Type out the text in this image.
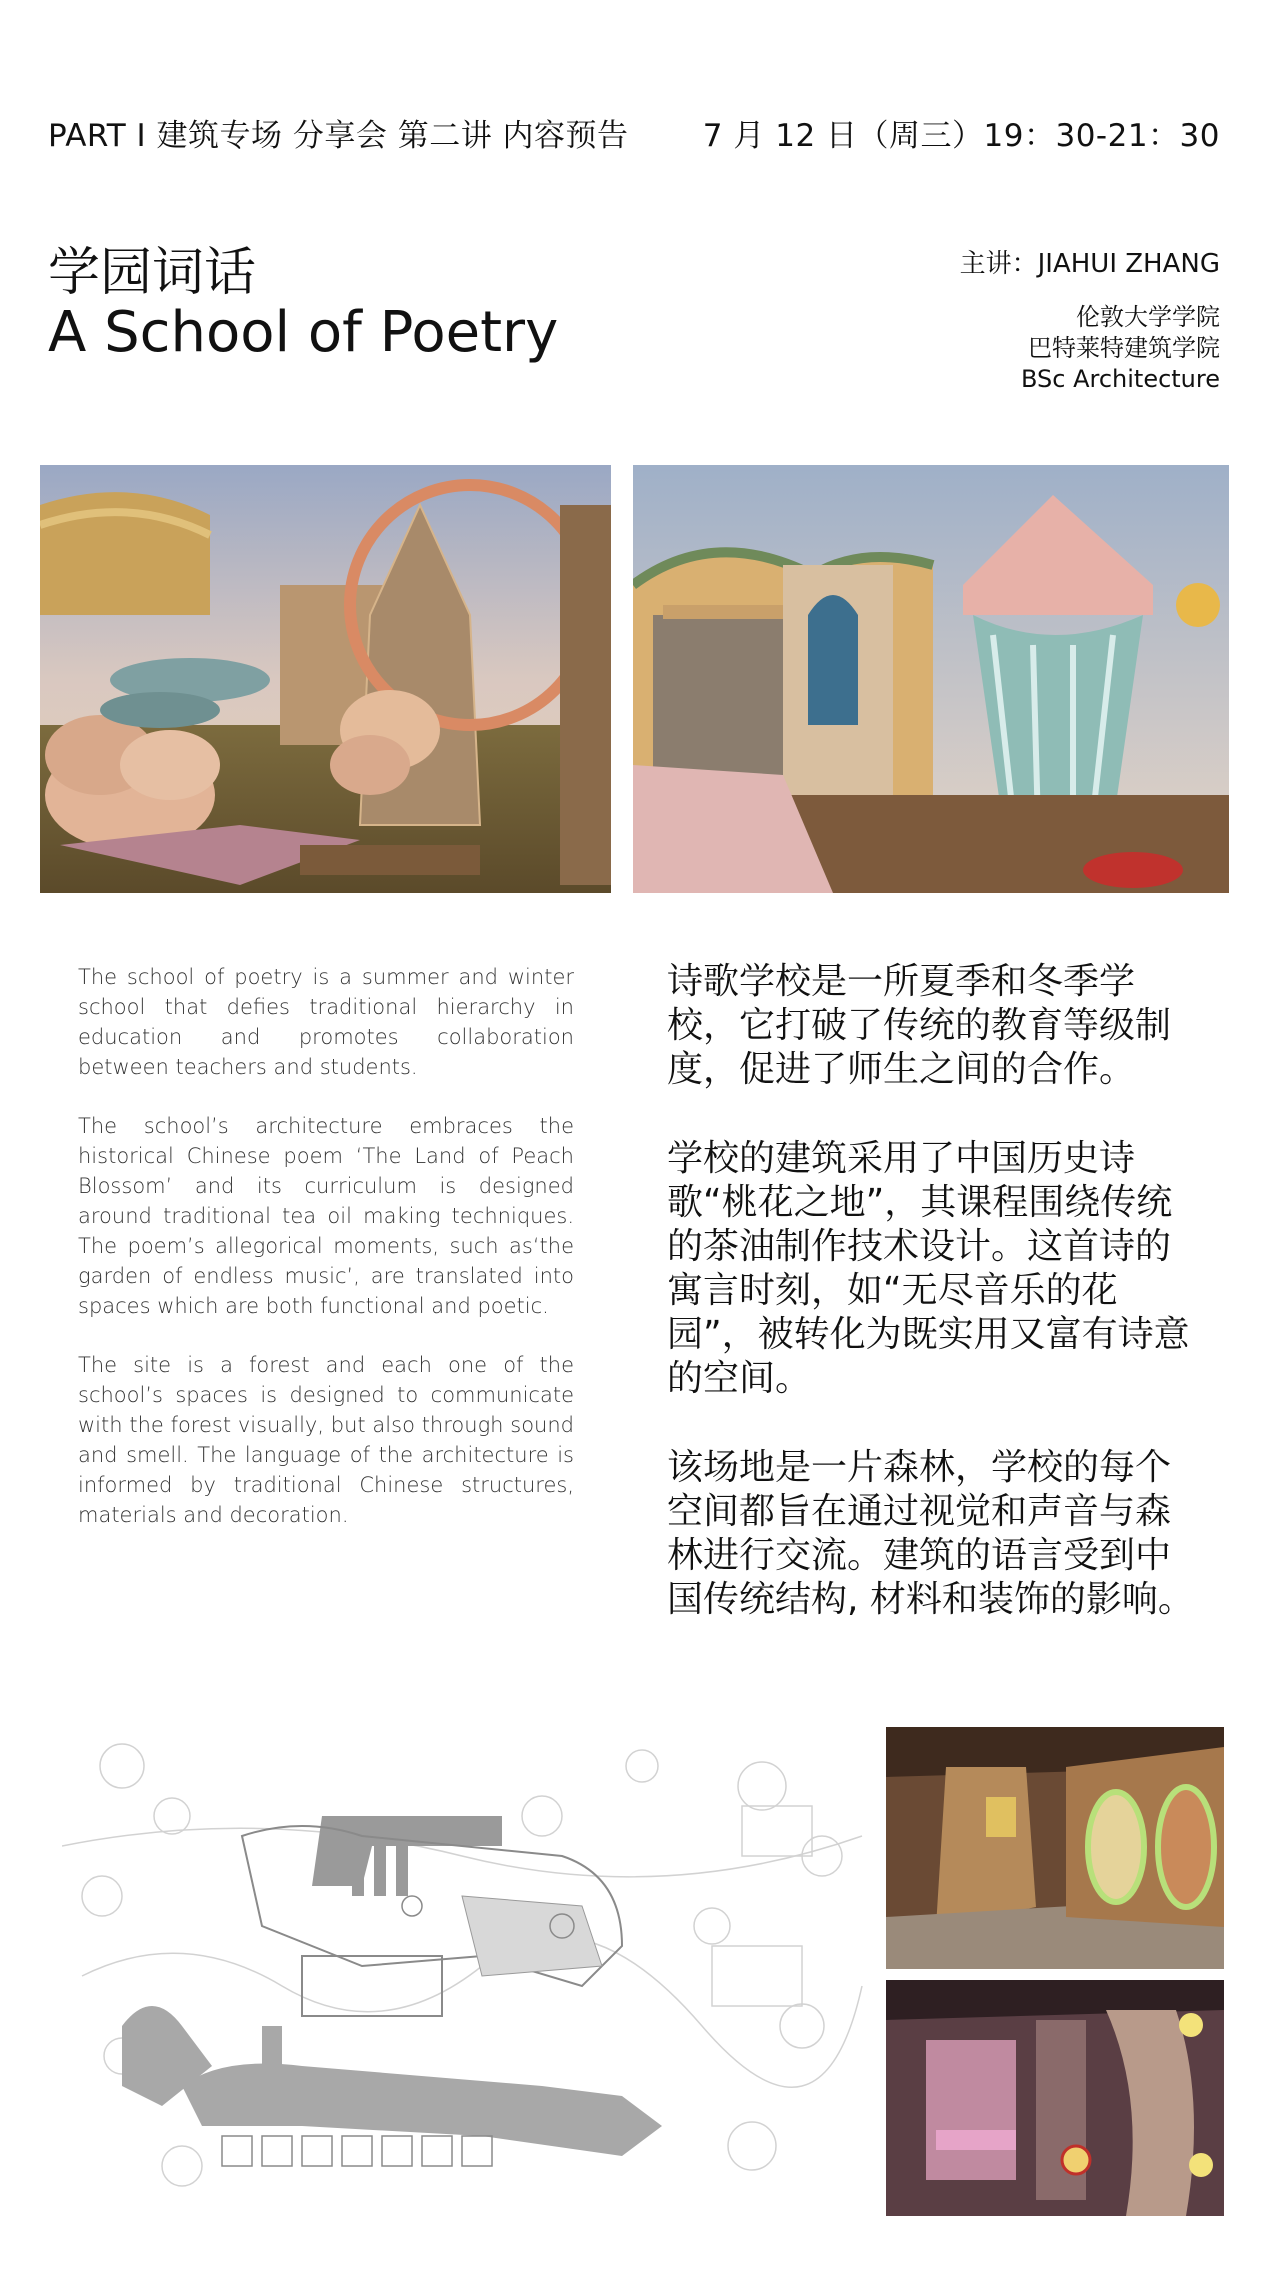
PART I 建筑专场 分享会 第二讲 内容预告 7 月 12 日（周三）19：30-21：30
学园词话
A School of Poetry
主讲：JIAHUI ZHANG
伦敦大学学院
巴特莱特建筑学院
BSc Architecture

The school of poetry is a summer and winter school that defies traditional hierarchy in education and promotes collaboration between teachers and students.

The school’s architecture embraces the historical Chinese poem ‘The Land of Peach Blossom’ and its curriculum is designed around traditional tea oil making techniques. The poem’s allegorical moments, such as‘the garden of endless music’, are translated into spaces which are both functional and poetic.

The site is a forest and each one of the school’s spaces is designed to communicate with the forest visually, but also through sound and smell. The language of the architecture is informed by traditional Chinese structures, materials and decoration.

诗歌学校是一所夏季和冬季学校，它打破了传统的教育等级制度，促进了师生之间的合作。

学校的建筑采用了中国历史诗歌“桃花之地”，其课程围绕传统的茶油制作技术设计。这首诗的寓言时刻，如“无尽音乐的花园”，被转化为既实用又富有诗意的空间。

该场地是一片森林，学校的每个空间都旨在通过视觉和声音与森林进行交流。建筑的语言受到中国传统结构, 材料和装饰的影响。
